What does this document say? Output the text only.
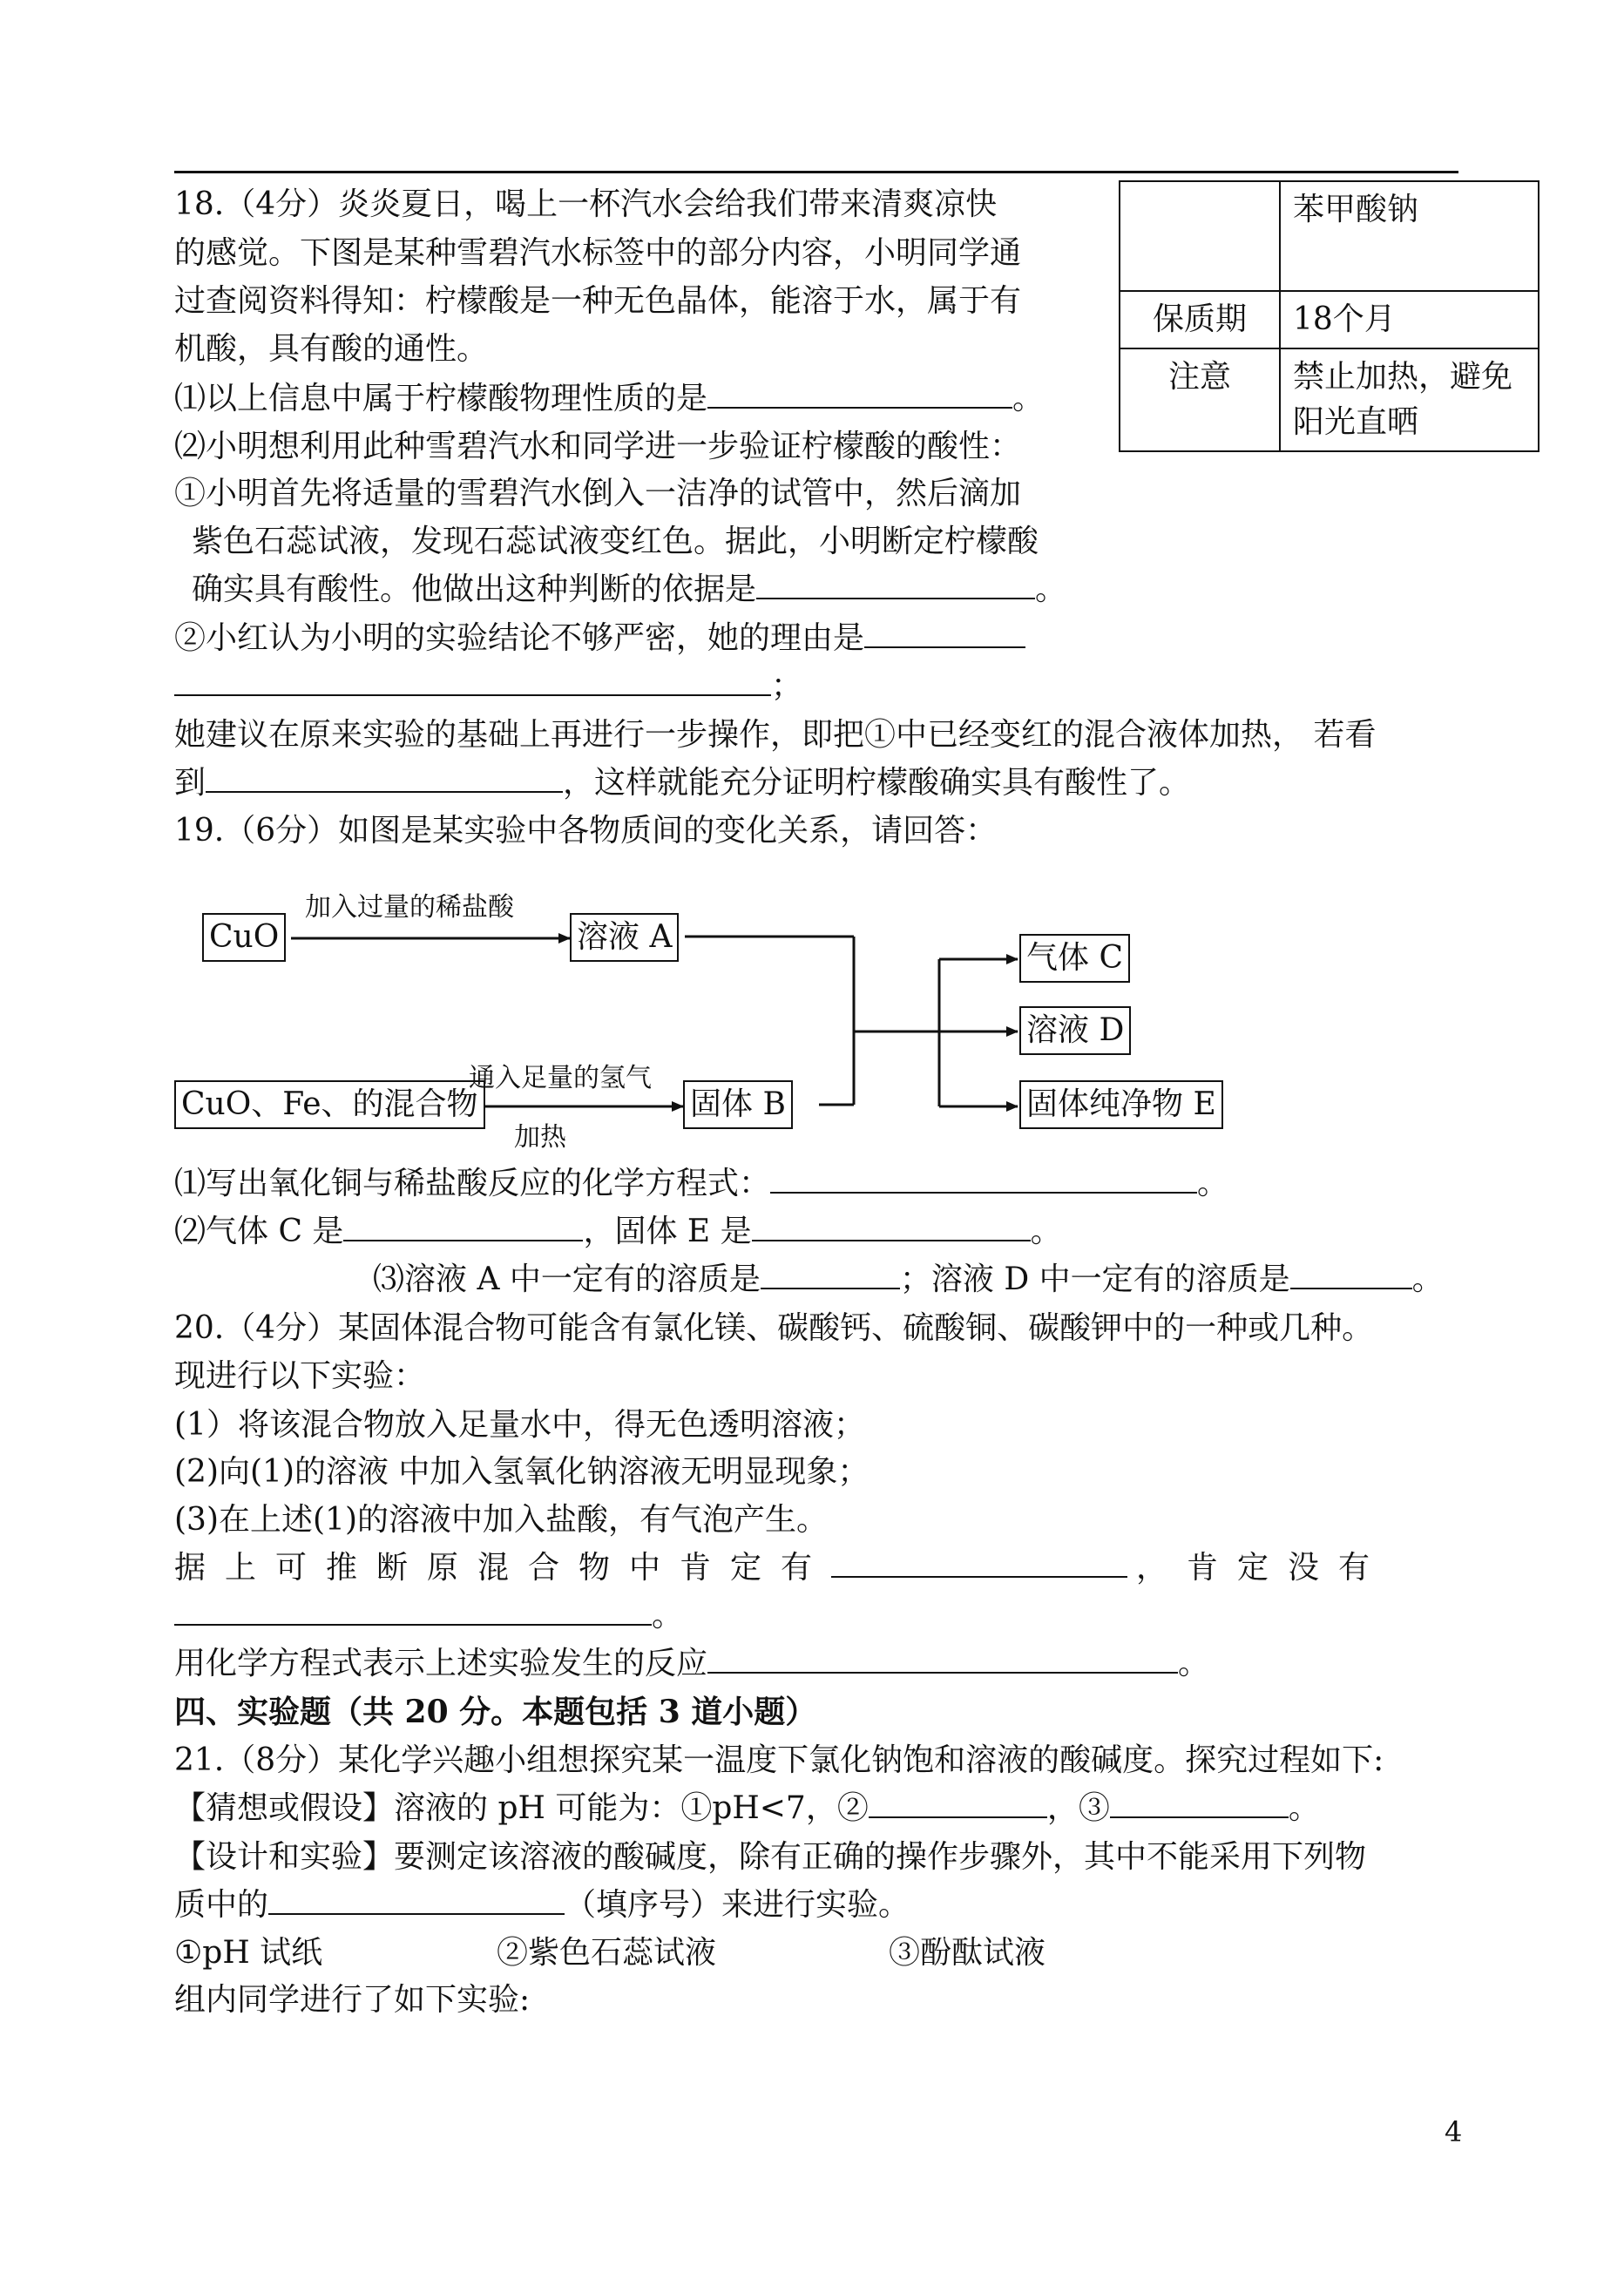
18.（4分）炎炎夏日，喝上一杯汽水会给我们带来清爽凉快
的感觉。下图是某种雪碧汽水标签中的部分内容，小明同学通
过查阅资料得知：柠檬酸是一种无色晶体，能溶于水，属于有
机酸，具有酸的通性。
⑴以上信息中属于柠檬酸物理性质的是	。
⑵小明想利用此种雪碧汽水和同学进一步验证柠檬酸的酸性：
①小明首先将适量的雪碧汽水倒入一洁净的试管中，然后滴加
紫色石蕊试液，发现石蕊试液变红色。据此，小明断定柠檬酸
确实具有酸性。他做出这种判断的依据是	。
②小红认为小明的实验结论不够严密，她的理由是
；
她建议在原来实验的基础上再进行一步操作，即把①中已经变红的混合液体加热， 若看
到	，这样就能充分证明柠檬酸确实具有酸性了。
	苯甲酸钠
保质期	18个月
注意	禁止加热，避免
阳光直晒
19.（6分）如图是某实验中各物质间的变化关系，请回答：
CuO
加入过量的稀盐酸
溶液 A
CuO、Fe、的混合物
通入足量的氢气
加热
固体 B
气体 C
溶液 D
固体纯净物 E
⑴写出氧化铜与稀盐酸反应的化学方程式：	。
⑵气体 C 是	，固体 E 是	。
⑶溶液 A 中一定有的溶质是	；溶液 D 中一定有的溶质是	。
20.（4分）某固体混合物可能含有氯化镁、碳酸钙、硫酸铜、碳酸钾中的一种或几种。
现进行以下实验：
(1）将该混合物放入足量水中，得无色透明溶液；
(2)向(1)的溶液 中加入氢氧化钠溶液无明显现象；
(3)在上述(1)的溶液中加入盐酸，有气泡产生。
据上可推断原混合物中肯定有	，肯定没有
。
用化学方程式表示上述实验发生的反应	。
四、实验题（共 20 分。本题包括 3 道小题）
21.（8分）某化学兴趣小组想探究某一温度下氯化钠饱和溶液的酸碱度。探究过程如下:
【猜想或假设】溶液的 pH 可能为：①pH<7，②	，③	。
【设计和实验】要测定该溶液的酸碱度，除有正确的操作步骤外，其中不能采用下列物
质中的	（填序号）来进行实验。
①pH 试纸	②紫色石蕊试液	③酚酞试液
组内同学进行了如下实验:
4
